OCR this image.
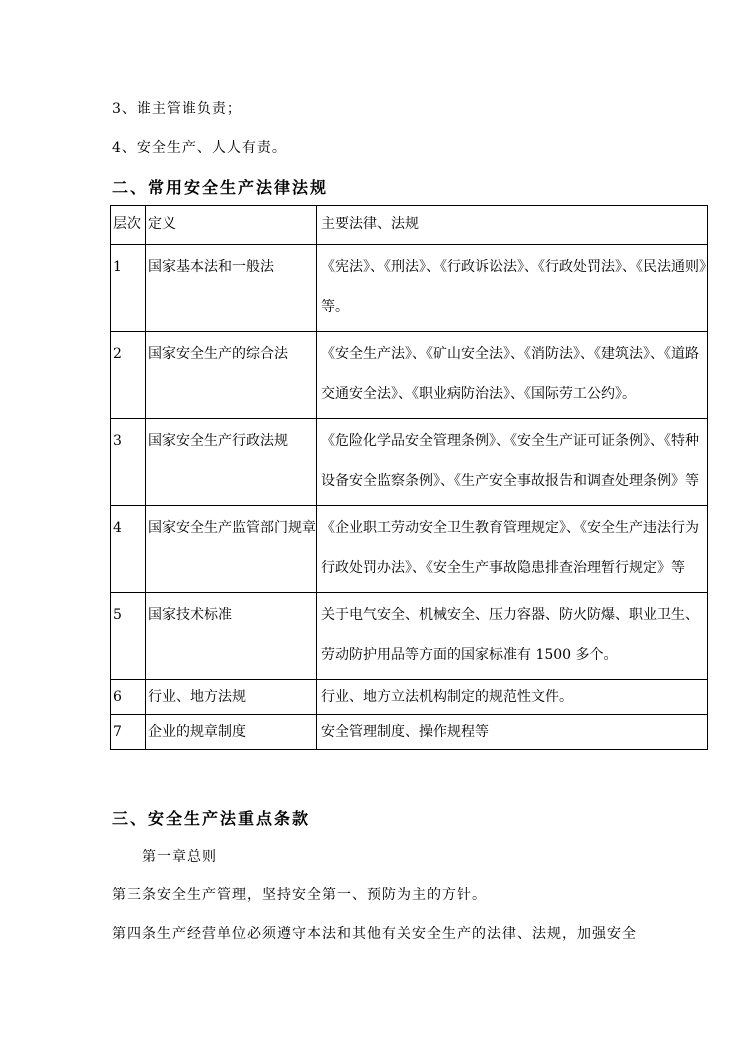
3、谁主管谁负责；
4、安全生产、人人有责。
二、常用安全生产法律法规
层次	定义	主要法律、法规

1	国家基本法和一般法	《宪法》、《刑法》、《行政诉讼法》、《行政处罚法》、《民法通则》等。

2	国家安全生产的综合法	《安全生产法》、《矿山安全法》、《消防法》、《建筑法》、《道路交通安全法》、《职业病防治法》、《国际劳工公约》。

3	国家安全生产行政法规	《危险化学品安全管理条例》、《安全生产证可证条例》、《特种设备安全监察条例》、《生产安全事故报告和调查处理条例》等

4	国家安全生产监管部门规章	《企业职工劳动安全卫生教育管理规定》、《安全生产违法行为行政处罚办法》、《安全生产事故隐患排查治理暂行规定》等

5	国家技术标准	关于电气安全、机械安全、压力容器、防火防爆、职业卫生、劳动防护用品等方面的国家标准有 1500 多个。

6	行业、地方法规	行业、地方立法机构制定的规范性文件。

7	企业的规章制度	安全管理制度、操作规程等
三、安全生产法重点条款
第一章总则
第三条安全生产管理，坚持安全第一、预防为主的方针。
第四条生产经营单位必须遵守本法和其他有关安全生产的法律、法规，加强安全
